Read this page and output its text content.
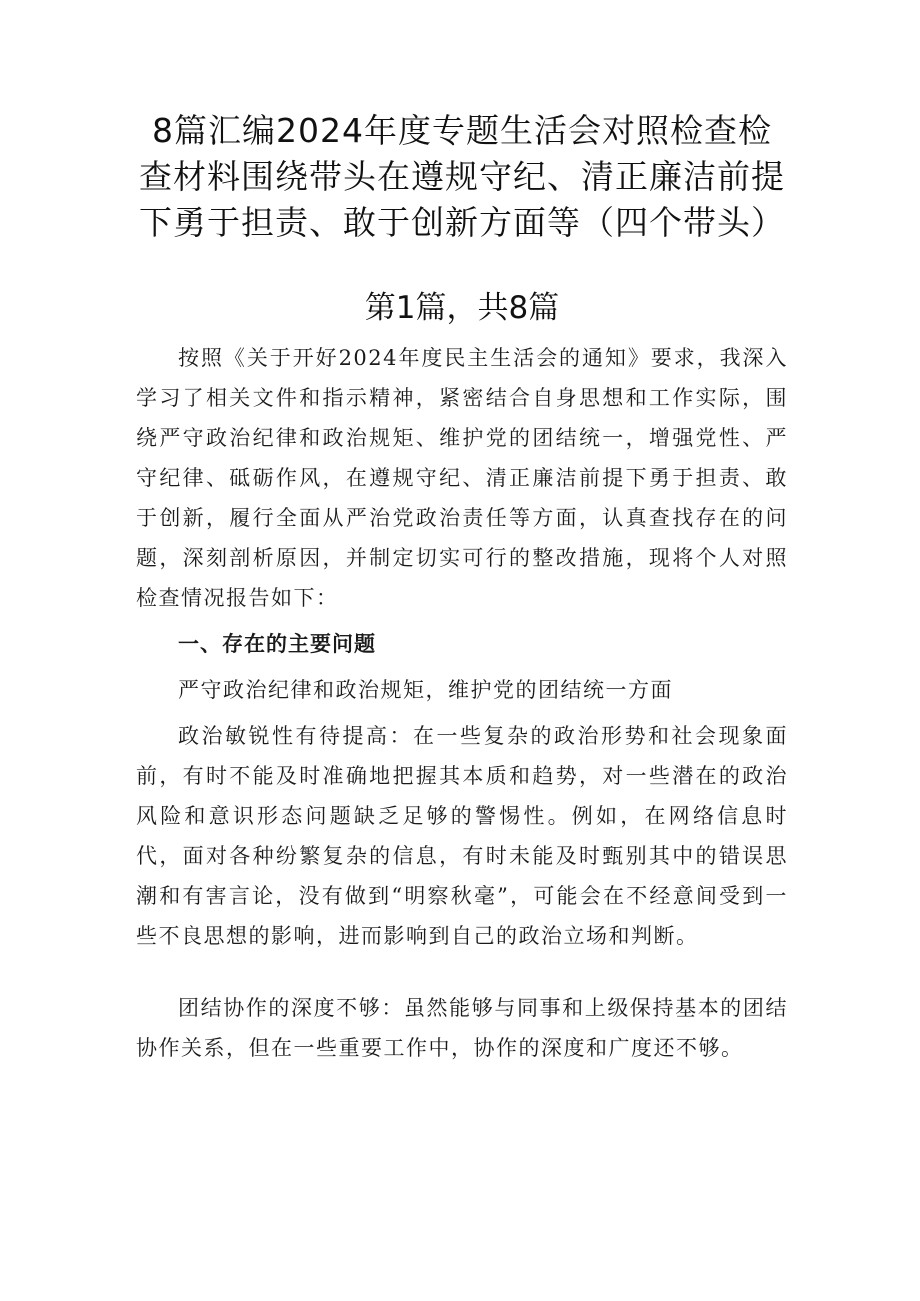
8篇汇编2024年度专题生活会对照检查检查材料围绕带头在遵规守纪、清正廉洁前提下勇于担责、敢于创新方面等（四个带头）
第1篇，共8篇

按照《关于开好2024年度民主生活会的通知》要求，我深入学习了相关文件和指示精神，紧密结合自身思想和工作实际，围绕严守政治纪律和政治规矩、维护党的团结统一，增强党性、严守纪律、砥砺作风，在遵规守纪、清正廉洁前提下勇于担责、敢于创新，履行全面从严治党政治责任等方面，认真查找存在的问题，深刻剖析原因，并制定切实可行的整改措施，现将个人对照检查情况报告如下：

一、存在的主要问题

严守政治纪律和政治规矩，维护党的团结统一方面

政治敏锐性有待提高：在一些复杂的政治形势和社会现象面前，有时不能及时准确地把握其本质和趋势，对一些潜在的政治风险和意识形态问题缺乏足够的警惕性。例如，在网络信息时代，面对各种纷繁复杂的信息，有时未能及时甄别其中的错误思潮和有害言论，没有做到“明察秋毫”，可能会在不经意间受到一些不良思想的影响，进而影响到自己的政治立场和判断。

团结协作的深度不够：虽然能够与同事和上级保持基本的团结协作关系，但在一些重要工作中，协作的深度和广度还不够。
